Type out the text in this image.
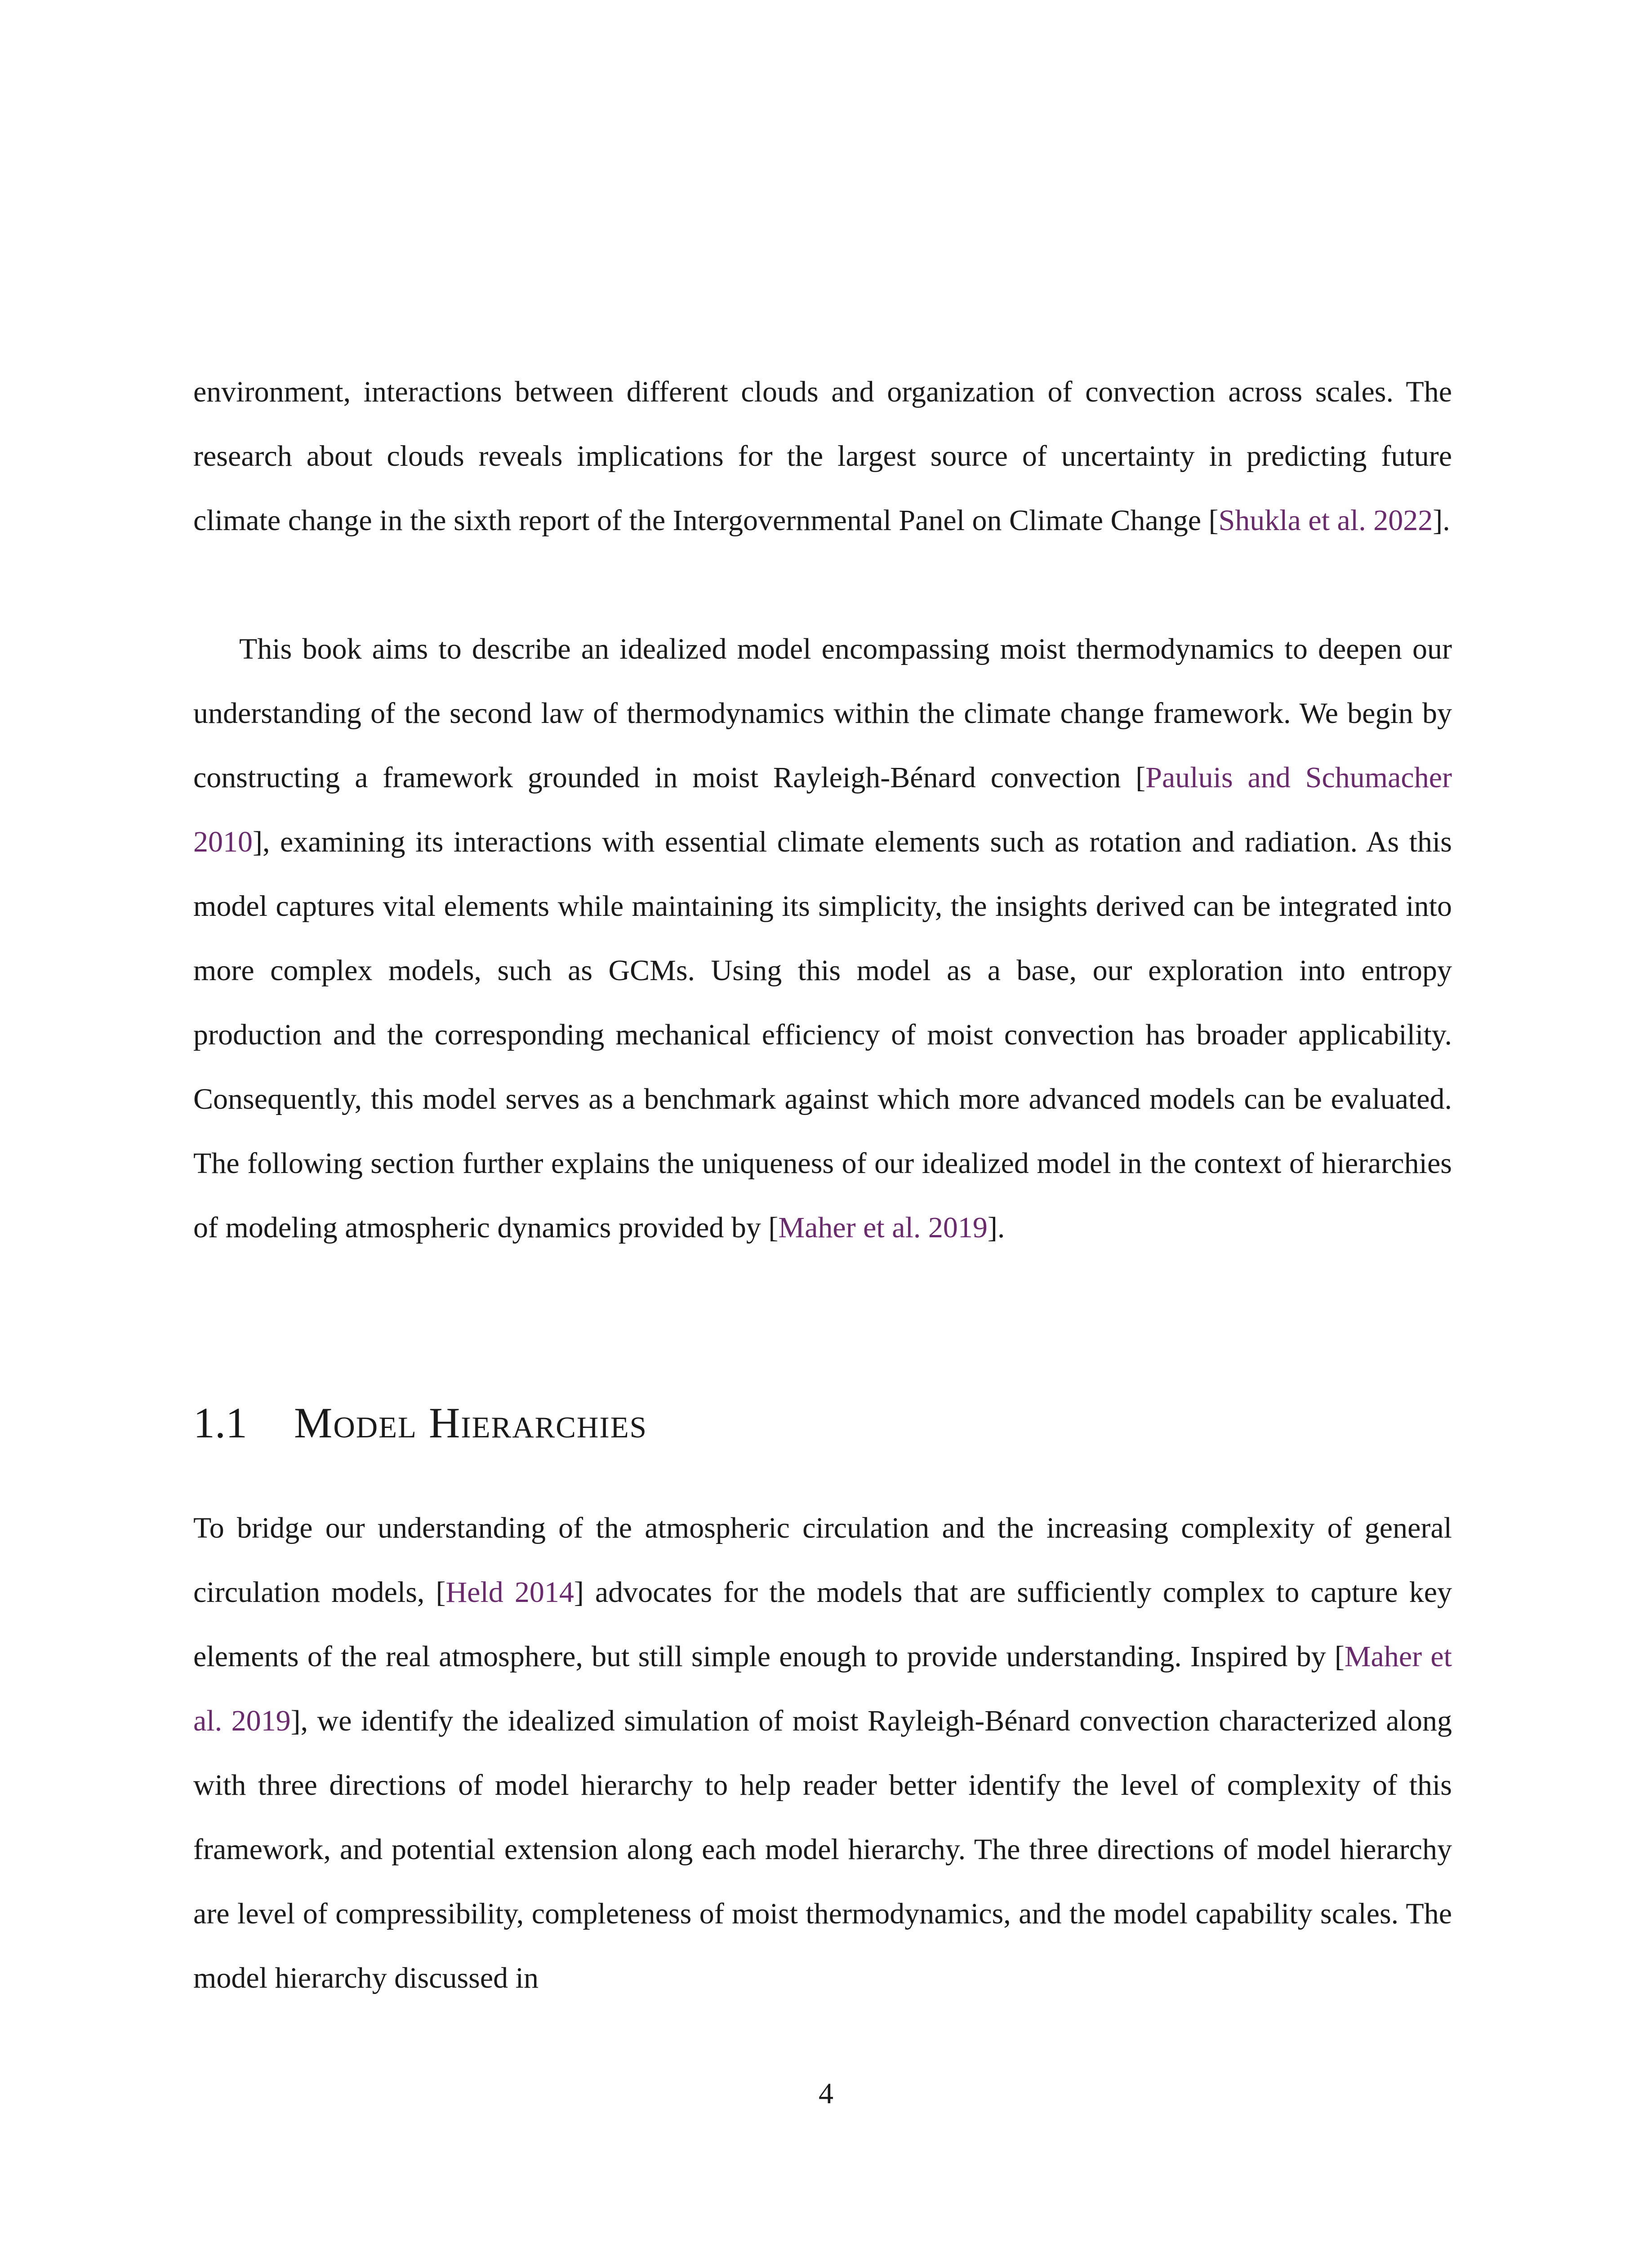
environment, interactions between different clouds and organization of convection across scales. The research about clouds reveals implications for the largest source of uncertainty in predicting future climate change in the sixth report of the Intergovernmental Panel on Climate Change [Shukla et al. 2022].

This book aims to describe an idealized model encompassing moist thermodynamics to deepen our understanding of the second law of thermodynamics within the climate change framework. We begin by constructing a framework grounded in moist Rayleigh-Bénard convection [Pauluis and Schumacher 2010], examining its interactions with essential climate elements such as rotation and radiation. As this model captures vital elements while maintaining its simplicity, the insights derived can be integrated into more complex models, such as GCMs. Using this model as a base, our exploration into entropy production and the corresponding mechanical efficiency of moist convection has broader applicability. Consequently, this model serves as a benchmark against which more advanced models can be evaluated. The following section further explains the uniqueness of our idealized model in the context of hierarchies of modeling atmospheric dynamics provided by [Maher et al. 2019].

1.1 Model Hierarchies

To bridge our understanding of the atmospheric circulation and the increasing complexity of general circulation models, [Held 2014] advocates for the models that are sufficiently complex to capture key elements of the real atmosphere, but still simple enough to provide understanding. Inspired by [Maher et al. 2019], we identify the idealized simulation of moist Rayleigh-Bénard convection characterized along with three directions of model hierarchy to help reader better identify the level of complexity of this framework, and potential extension along each model hierarchy. The three directions of model hierarchy are level of compressibility, completeness of moist thermodynamics, and the model capability scales. The model hierarchy discussed in

4
